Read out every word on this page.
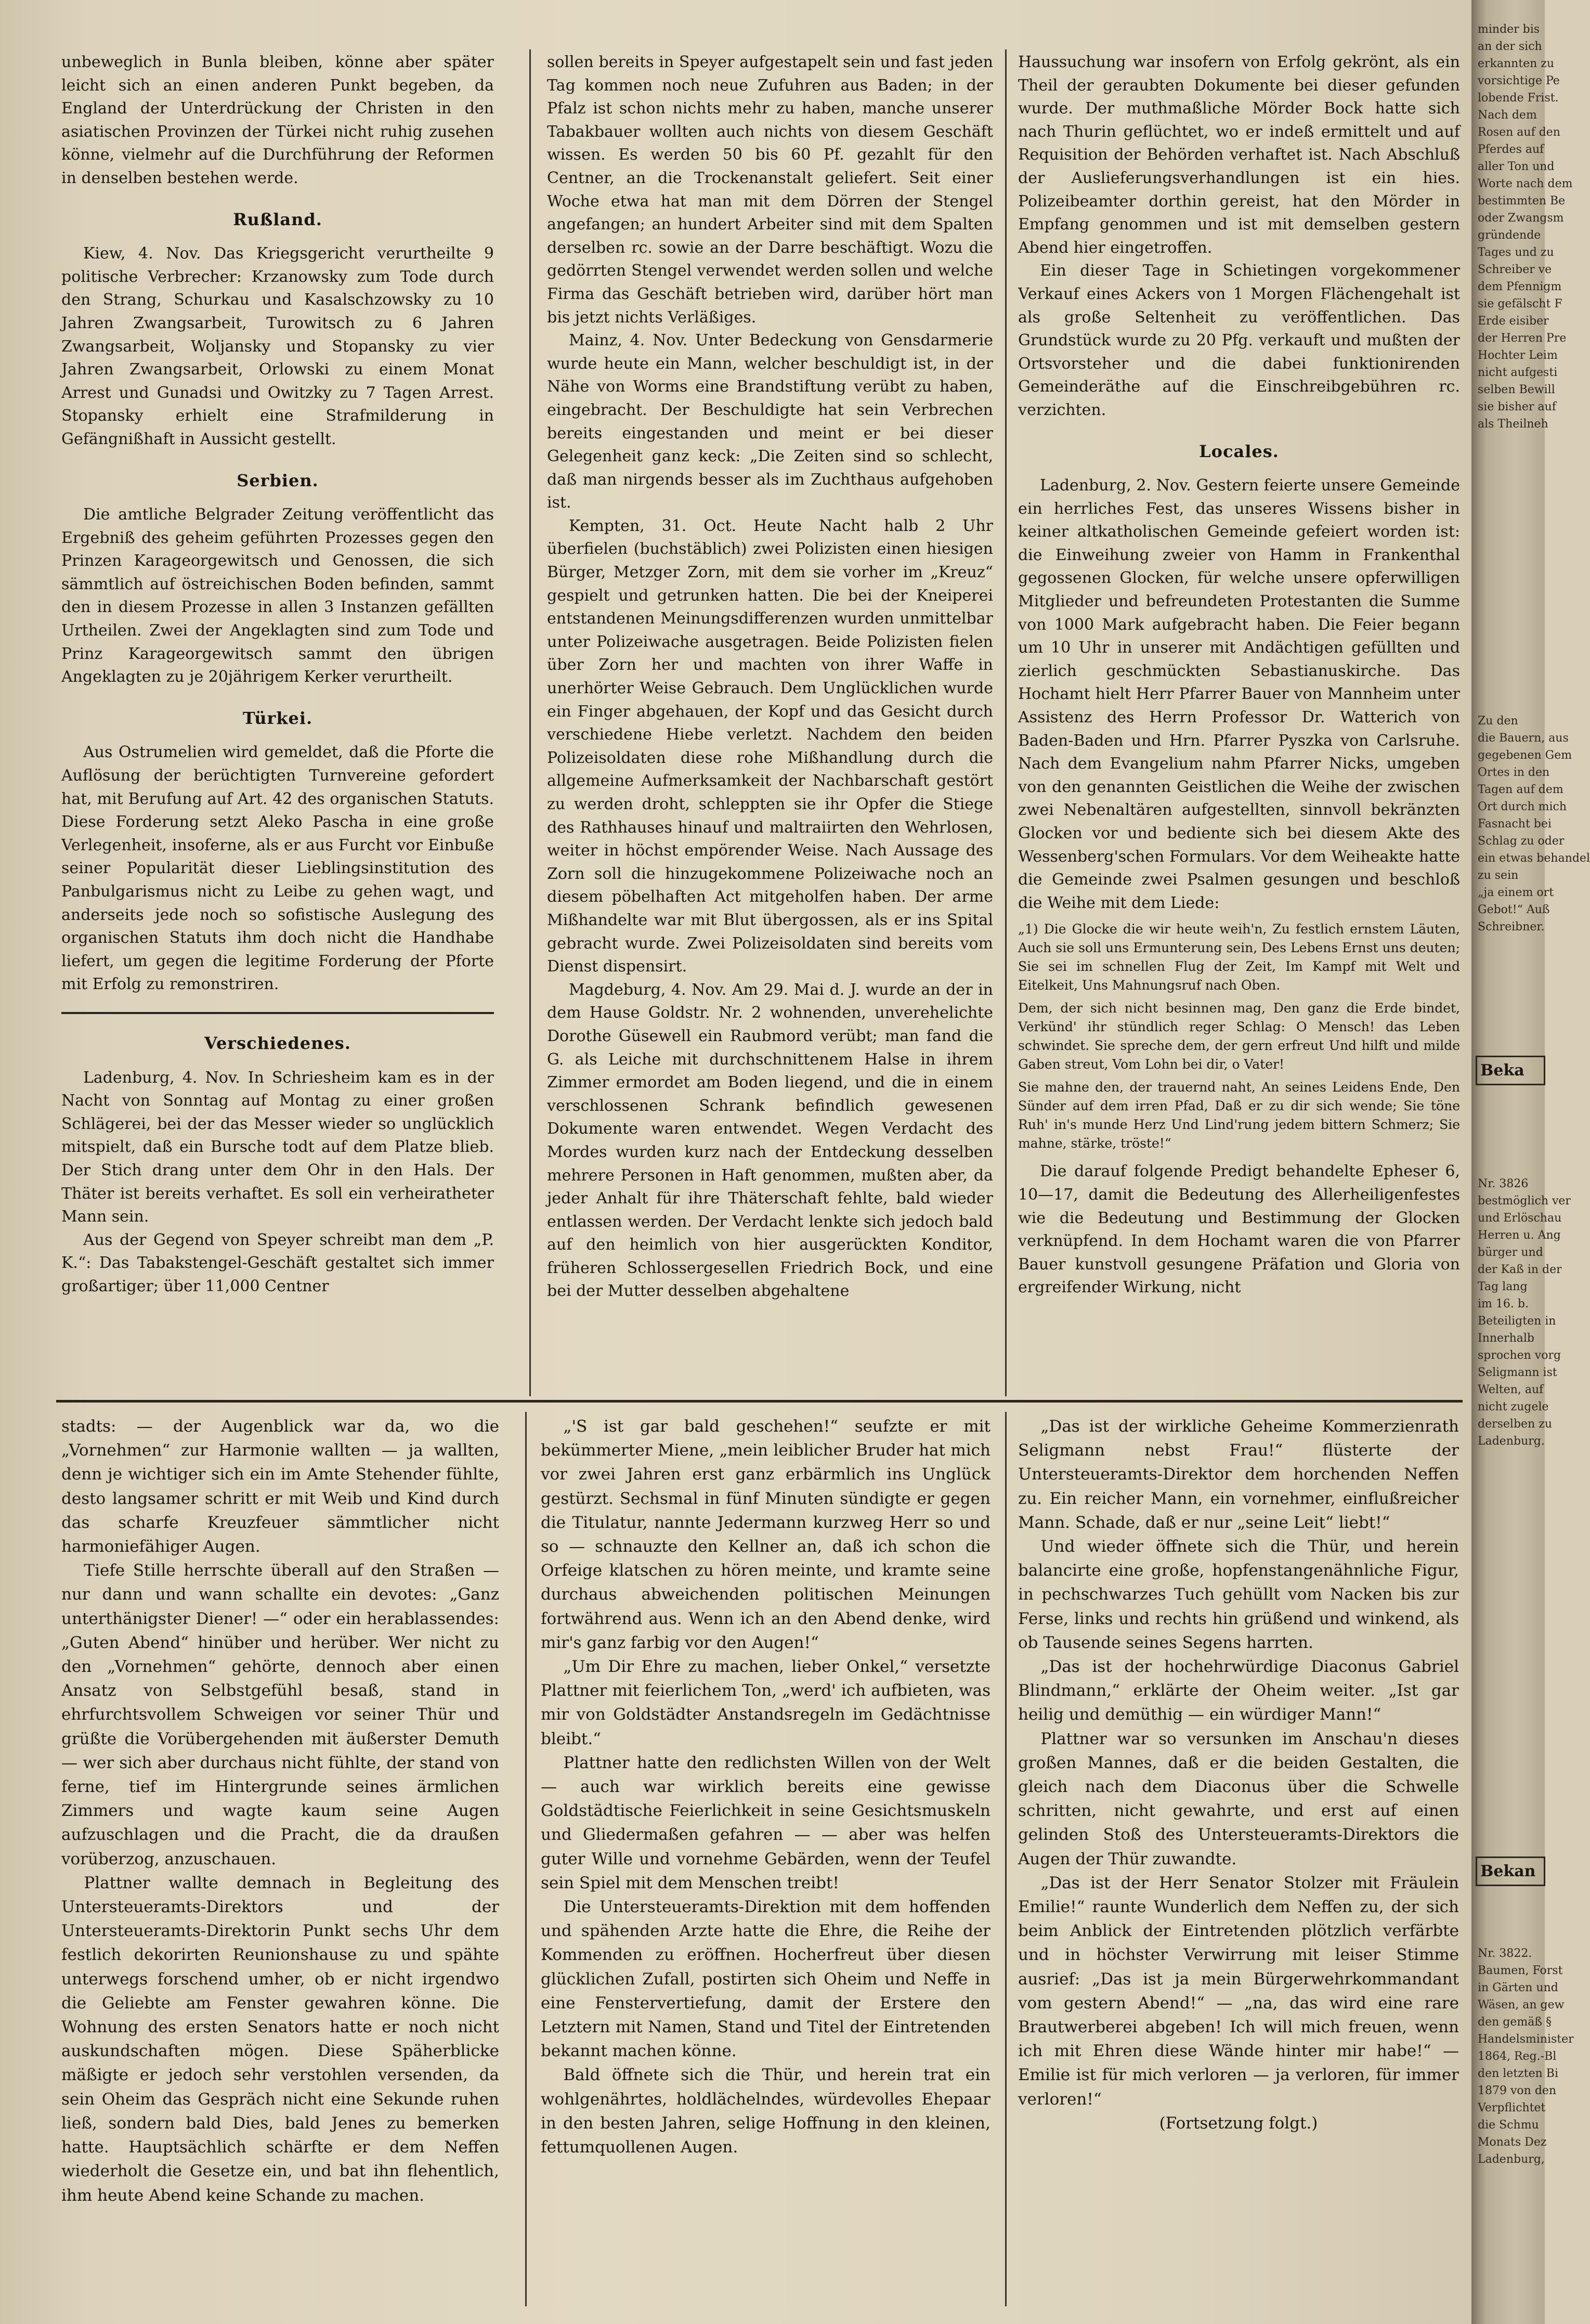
unbeweglich in Bunla bleiben, könne aber später leicht sich an einen anderen Punkt begeben, da England der Unterdrückung der Christen in den asiatischen Provinzen der Türkei nicht ruhig zusehen könne, vielmehr auf die Durchführung der Reformen in denselben bestehen werde.

Rußland.

Kiew, 4. Nov. Das Kriegsgericht verurtheilte 9 politische Verbrecher: Krzanowsky zum Tode durch den Strang, Schurkau und Kasalschzowsky zu 10 Jahren Zwangsarbeit, Turowitsch zu 6 Jahren Zwangsarbeit, Woljansky und Stopansky zu vier Jahren Zwangsarbeit, Orlowski zu einem Monat Arrest und Gunadsi und Owitzky zu 7 Tagen Arrest. Stopansky erhielt eine Strafmilderung in Gefängnißhaft in Aussicht gestellt.

Serbien.

Die amtliche Belgrader Zeitung veröffentlicht das Ergebniß des geheim geführten Prozesses gegen den Prinzen Karageorgewitsch und Genossen, die sich sämmtlich auf östreichischen Boden befinden, sammt den in diesem Prozesse in allen 3 Instanzen gefällten Urtheilen. Zwei der Angeklagten sind zum Tode und Prinz Karageorgewitsch sammt den übrigen Angeklagten zu je 20jährigem Kerker verurtheilt.

Türkei.

Aus Ostrumelien wird gemeldet, daß die Pforte die Auflösung der berüchtigten Turnvereine gefordert hat, mit Berufung auf Art. 42 des organischen Statuts. Diese Forderung setzt Aleko Pascha in eine große Verlegenheit, insoferne, als er aus Furcht vor Einbuße seiner Popularität dieser Lieblingsinstitution des Panbulgarismus nicht zu Leibe zu gehen wagt, und anderseits jede noch so sofistische Auslegung des organischen Statuts ihm doch nicht die Handhabe liefert, um gegen die legitime Forderung der Pforte mit Erfolg zu remonstriren.

Verschiedenes.

Ladenburg, 4. Nov. In Schriesheim kam es in der Nacht von Sonntag auf Montag zu einer großen Schlägerei, bei der das Messer wieder so unglücklich mitspielt, daß ein Bursche todt auf dem Platze blieb. Der Stich drang unter dem Ohr in den Hals. Der Thäter ist bereits verhaftet. Es soll ein verheiratheter Mann sein.

Aus der Gegend von Speyer schreibt man dem „P. K.“: Das Tabakstengel-Geschäft gestaltet sich immer großartiger; über 11,000 Centner

sollen bereits in Speyer aufgestapelt sein und fast jeden Tag kommen noch neue Zufuhren aus Baden; in der Pfalz ist schon nichts mehr zu haben, manche unserer Tabakbauer wollten auch nichts von diesem Geschäft wissen. Es werden 50 bis 60 Pf. gezahlt für den Centner, an die Trockenanstalt geliefert. Seit einer Woche etwa hat man mit dem Dörren der Stengel angefangen; an hundert Arbeiter sind mit dem Spalten derselben rc. sowie an der Darre beschäftigt. Wozu die gedörrten Stengel verwendet werden sollen und welche Firma das Geschäft betrieben wird, darüber hört man bis jetzt nichts Verläßiges.

Mainz, 4. Nov. Unter Bedeckung von Gensdarmerie wurde heute ein Mann, welcher beschuldigt ist, in der Nähe von Worms eine Brandstiftung verübt zu haben, eingebracht. Der Beschuldigte hat sein Verbrechen bereits eingestanden und meint er bei dieser Gelegenheit ganz keck: „Die Zeiten sind so schlecht, daß man nirgends besser als im Zuchthaus aufgehoben ist.

Kempten, 31. Oct. Heute Nacht halb 2 Uhr überfielen (buchstäblich) zwei Polizisten einen hiesigen Bürger, Metzger Zorn, mit dem sie vorher im „Kreuz“ gespielt und getrunken hatten. Die bei der Kneiperei entstandenen Meinungsdifferenzen wurden unmittelbar unter Polizeiwache ausgetragen. Beide Polizisten fielen über Zorn her und machten von ihrer Waffe in unerhörter Weise Gebrauch. Dem Unglücklichen wurde ein Finger abgehauen, der Kopf und das Gesicht durch verschiedene Hiebe verletzt. Nachdem den beiden Polizeisoldaten diese rohe Mißhandlung durch die allgemeine Aufmerksamkeit der Nachbarschaft gestört zu werden droht, schleppten sie ihr Opfer die Stiege des Rathhauses hinauf und maltraiirten den Wehrlosen, weiter in höchst empörender Weise. Nach Aussage des Zorn soll die hinzugekommene Polizeiwache noch an diesem pöbelhaften Act mitgeholfen haben. Der arme Mißhandelte war mit Blut übergossen, als er ins Spital gebracht wurde. Zwei Polizeisoldaten sind bereits vom Dienst dispensirt.

Magdeburg, 4. Nov. Am 29. Mai d. J. wurde an der in dem Hause Goldstr. Nr. 2 wohnenden, unverehelichte Dorothe Güsewell ein Raubmord verübt; man fand die G. als Leiche mit durchschnittenem Halse in ihrem Zimmer ermordet am Boden liegend, und die in einem verschlossenen Schrank befindlich gewesenen Dokumente waren entwendet. Wegen Verdacht des Mordes wurden kurz nach der Entdeckung desselben mehrere Personen in Haft genommen, mußten aber, da jeder Anhalt für ihre Thäterschaft fehlte, bald wieder entlassen werden. Der Verdacht lenkte sich jedoch bald auf den heimlich von hier ausgerückten Konditor, früheren Schlossergesellen Friedrich Bock, und eine bei der Mutter desselben abgehaltene

Haussuchung war insofern von Erfolg gekrönt, als ein Theil der geraubten Dokumente bei dieser gefunden wurde. Der muthmaßliche Mörder Bock hatte sich nach Thurin geflüchtet, wo er indeß ermittelt und auf Requisition der Behörden verhaftet ist. Nach Abschluß der Auslieferungsverhandlungen ist ein hies. Polizeibeamter dorthin gereist, hat den Mörder in Empfang genommen und ist mit demselben gestern Abend hier eingetroffen.

Ein dieser Tage in Schietingen vorgekommener Verkauf eines Ackers von 1 Morgen Flächengehalt ist als große Seltenheit zu veröffentlichen. Das Grundstück wurde zu 20 Pfg. verkauft und mußten der Ortsvorsteher und die dabei funktionirenden Gemeinderäthe auf die Einschreibgebühren rc. verzichten.

Locales.

Ladenburg, 2. Nov. Gestern feierte unsere Gemeinde ein herrliches Fest, das unseres Wissens bisher in keiner altkatholischen Gemeinde gefeiert worden ist: die Einweihung zweier von Hamm in Frankenthal gegossenen Glocken, für welche unsere opferwilligen Mitglieder und befreundeten Protestanten die Summe von 1000 Mark aufgebracht haben. Die Feier begann um 10 Uhr in unserer mit Andächtigen gefüllten und zierlich geschmückten Sebastianuskirche. Das Hochamt hielt Herr Pfarrer Bauer von Mannheim unter Assistenz des Herrn Professor Dr. Watterich von Baden-Baden und Hrn. Pfarrer Pyszka von Carlsruhe. Nach dem Evangelium nahm Pfarrer Nicks, umgeben von den genannten Geistlichen die Weihe der zwischen zwei Nebenaltären aufgestellten, sinnvoll bekränzten Glocken vor und bediente sich bei diesem Akte des Wessenberg'schen Formulars. Vor dem Weiheakte hatte die Gemeinde zwei Psalmen gesungen und beschloß die Weihe mit dem Liede:

„1) Die Glocke die wir heute weih'n, Zu festlich ernstem Läuten, Auch sie soll uns Ermunterung sein, Des Lebens Ernst uns deuten; Sie sei im schnellen Flug der Zeit, Im Kampf mit Welt und Eitelkeit, Uns Mahnungsruf nach Oben.

Dem, der sich nicht besinnen mag, Den ganz die Erde bindet, Verkünd' ihr stündlich reger Schlag: O Mensch! das Leben schwindet. Sie spreche dem, der gern erfreut Und hilft und milde Gaben streut, Vom Lohn bei dir, o Vater!

Sie mahne den, der trauernd naht, An seines Leidens Ende, Den Sünder auf dem irren Pfad, Daß er zu dir sich wende; Sie töne Ruh' in's munde Herz Und Lind'rung jedem bittern Schmerz; Sie mahne, stärke, tröste!“

Die darauf folgende Predigt behandelte Epheser 6, 10—17, damit die Bedeutung des Allerheiligenfestes wie die Bedeutung und Bestimmung der Glocken verknüpfend. In dem Hochamt waren die von Pfarrer Bauer kunstvoll gesungene Präfation und Gloria von ergreifender Wirkung, nicht

stadts: — der Augenblick war da, wo die „Vornehmen“ zur Harmonie wallten — ja wallten, denn je wichtiger sich ein im Amte Stehender fühlte, desto langsamer schritt er mit Weib und Kind durch das scharfe Kreuzfeuer sämmtlicher nicht harmoniefähiger Augen.

Tiefe Stille herrschte überall auf den Straßen — nur dann und wann schallte ein devotes: „Ganz unterthänigster Diener! —“ oder ein herablassendes: „Guten Abend“ hinüber und herüber. Wer nicht zu den „Vornehmen“ gehörte, dennoch aber einen Ansatz von Selbstgefühl besaß, stand in ehrfurchtsvollem Schweigen vor seiner Thür und grüßte die Vorübergehenden mit äußerster Demuth — wer sich aber durchaus nicht fühlte, der stand von ferne, tief im Hintergrunde seines ärmlichen Zimmers und wagte kaum seine Augen aufzuschlagen und die Pracht, die da draußen vorüberzog, anzuschauen.

Plattner wallte demnach in Begleitung des Untersteueramts-Direktors und der Untersteueramts-Direktorin Punkt sechs Uhr dem festlich dekorirten Reunionshause zu und spähte unterwegs forschend umher, ob er nicht irgendwo die Geliebte am Fenster gewahren könne. Die Wohnung des ersten Senators hatte er noch nicht auskundschaften mögen. Diese Späherblicke mäßigte er jedoch sehr verstohlen versenden, da sein Oheim das Gespräch nicht eine Sekunde ruhen ließ, sondern bald Dies, bald Jenes zu bemerken hatte. Hauptsächlich schärfte er dem Neffen wiederholt die Gesetze ein, und bat ihn flehentlich, ihm heute Abend keine Schande zu machen.

„'S ist gar bald geschehen!“ seufzte er mit bekümmerter Miene, „mein leiblicher Bruder hat mich vor zwei Jahren erst ganz erbärmlich ins Unglück gestürzt. Sechsmal in fünf Minuten sündigte er gegen die Titulatur, nannte Jedermann kurzweg Herr so und so — schnauzte den Kellner an, daß ich schon die Orfeige klatschen zu hören meinte, und kramte seine durchaus abweichenden politischen Meinungen fortwährend aus. Wenn ich an den Abend denke, wird mir's ganz farbig vor den Augen!“

„Um Dir Ehre zu machen, lieber Onkel,“ versetzte Plattner mit feierlichem Ton, „werd' ich aufbieten, was mir von Goldstädter Anstandsregeln im Gedächtnisse bleibt.“

Plattner hatte den redlichsten Willen von der Welt — auch war wirklich bereits eine gewisse Goldstädtische Feierlichkeit in seine Gesichtsmuskeln und Gliedermaßen gefahren — — aber was helfen guter Wille und vornehme Gebärden, wenn der Teufel sein Spiel mit dem Menschen treibt!

Die Untersteueramts-Direktion mit dem hoffenden und spähenden Arzte hatte die Ehre, die Reihe der Kommenden zu eröffnen. Hocherfreut über diesen glücklichen Zufall, postirten sich Oheim und Neffe in eine Fenstervertiefung, damit der Erstere den Letztern mit Namen, Stand und Titel der Eintretenden bekannt machen könne.

Bald öffnete sich die Thür, und herein trat ein wohlgenährtes, holdlächelndes, würdevolles Ehepaar in den besten Jahren, selige Hoffnung in den kleinen, fettumquollenen Augen.

„Das ist der wirkliche Geheime Kommerzienrath Seligmann nebst Frau!“ flüsterte der Untersteueramts-Direktor dem horchenden Neffen zu. Ein reicher Mann, ein vornehmer, einflußreicher Mann. Schade, daß er nur „seine Leit“ liebt!“

Und wieder öffnete sich die Thür, und herein balancirte eine große, hopfenstangenähnliche Figur, in pechschwarzes Tuch gehüllt vom Nacken bis zur Ferse, links und rechts hin grüßend und winkend, als ob Tausende seines Segens harrten.

„Das ist der hochehrwürdige Diaconus Gabriel Blindmann,“ erklärte der Oheim weiter. „Ist gar heilig und demüthig — ein würdiger Mann!“

Plattner war so versunken im Anschau'n dieses großen Mannes, daß er die beiden Gestalten, die gleich nach dem Diaconus über die Schwelle schritten, nicht gewahrte, und erst auf einen gelinden Stoß des Untersteueramts-Direktors die Augen der Thür zuwandte.

„Das ist der Herr Senator Stolzer mit Fräulein Emilie!“ raunte Wunderlich dem Neffen zu, der sich beim Anblick der Eintretenden plötzlich verfärbte und in höchster Verwirrung mit leiser Stimme ausrief: „Das ist ja mein Bürgerwehrkommandant vom gestern Abend!“ — „na, das wird eine rare Brautwerberei abgeben! Ich will mich freuen, wenn ich mit Ehren diese Wände hinter mir habe!“ — Emilie ist für mich verloren — ja verloren, für immer verloren!“

(Fortsetzung folgt.)

minder bis
an der sich
erkannten zu
vorsichtige Pe
lobende Frist.
Nach dem
Rosen auf den
Pferdes auf
aller Ton und
Worte nach dem
bestimmten Be
oder Zwangsm
gründende
Tages und zu
Schreiber ve
dem Pfennigm
sie gefälscht F
Erde eisiber
der Herren Pre
Hochter Leim
nicht aufgesti
selben Bewill
sie bisher auf
als Theilneh
Zu den
die Bauern, aus
gegebenen Gem
Ortes in den
Tagen auf dem
Ort durch mich
Fasnacht bei
Schlag zu oder
ein etwas behandel
zu sein
„ja einem ort
Gebot!“ Auß
Schreibner.
Beka
Nr. 3826
bestmöglich ver
und Erlöschau
Herren u. Ang
bürger und
der Kaß in der
Tag lang
im 16. b.
Beteiligten in
Innerhalb
sprochen vorg
Seligmann ist
Welten, auf
nicht zugele
derselben zu
Ladenburg.
Bekan
Nr. 3822.
Baumen, Forst
in Gärten und
Wäsen, an gew
den gemäß §
Handelsminister
1864, Reg.-Bl
den letzten Bi
1879 von den
Verpflichtet
die Schmu
Monats Dez
Ladenburg,
